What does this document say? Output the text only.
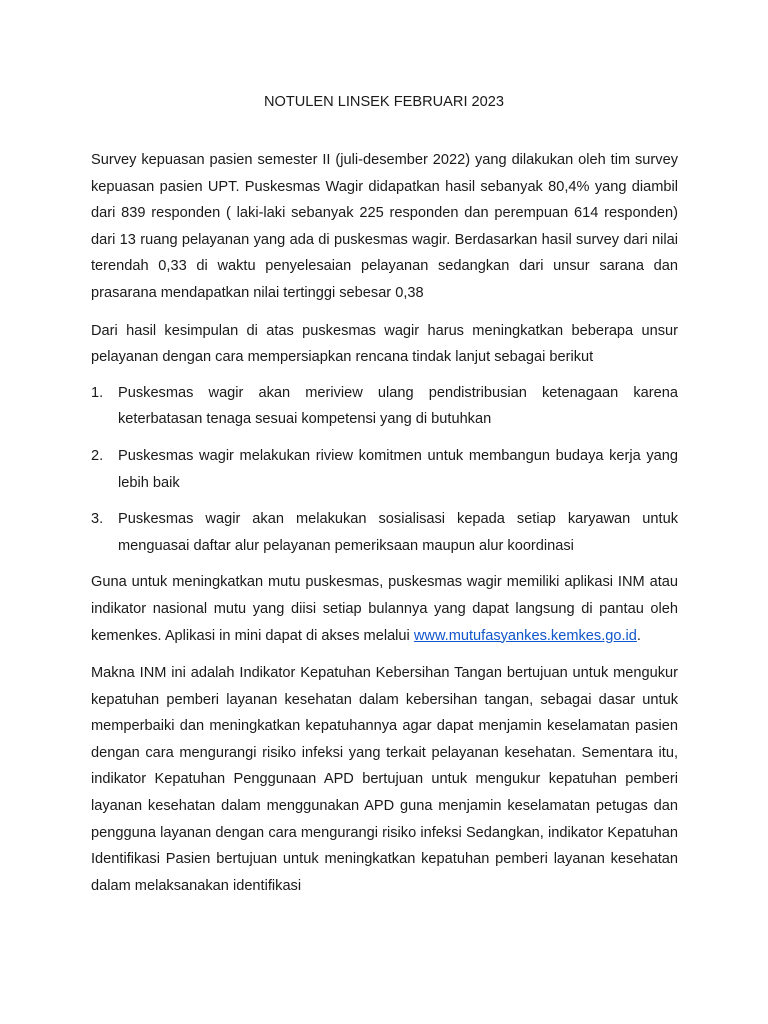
NOTULEN LINSEK FEBRUARI 2023

Survey kepuasan pasien semester II (juli-desember 2022) yang dilakukan oleh tim survey kepuasan pasien UPT. Puskesmas Wagir didapatkan hasil sebanyak 80,4% yang diambil dari 839 responden ( laki-laki sebanyak 225 responden dan perempuan 614 responden) dari 13 ruang pelayanan yang ada di puskesmas wagir. Berdasarkan hasil survey dari nilai terendah 0,33 di waktu penyelesaian pelayanan sedangkan dari unsur sarana dan prasarana mendapatkan nilai tertinggi sebesar 0,38

Dari hasil kesimpulan di atas puskesmas wagir harus meningkatkan beberapa unsur pelayanan dengan cara mempersiapkan rencana tindak lanjut sebagai berikut

1.	Puskesmas wagir akan meriview ulang pendistribusian ketenagaan karena keterbatasan tenaga sesuai kompetensi yang di butuhkan
2.	Puskesmas wagir melakukan riview komitmen untuk membangun budaya kerja yang lebih baik
3.	Puskesmas wagir akan melakukan sosialisasi kepada setiap karyawan untuk menguasai daftar alur pelayanan pemeriksaan maupun alur koordinasi

Guna untuk meningkatkan mutu puskesmas, puskesmas wagir memiliki aplikasi INM atau indikator nasional mutu yang diisi setiap bulannya yang dapat langsung di pantau oleh kemenkes. Aplikasi in mini dapat di akses melalui www.mutufasyankes.kemkes.go.id.

Makna INM ini adalah Indikator Kepatuhan Kebersihan Tangan bertujuan untuk mengukur kepatuhan pemberi layanan kesehatan dalam kebersihan tangan, sebagai dasar untuk memperbaiki dan meningkatkan kepatuhannya agar dapat menjamin keselamatan pasien dengan cara mengurangi risiko infeksi yang terkait pelayanan kesehatan. Sementara itu, indikator Kepatuhan Penggunaan APD bertujuan untuk mengukur kepatuhan pemberi layanan kesehatan dalam menggunakan APD guna menjamin keselamatan petugas dan pengguna layanan dengan cara mengurangi risiko infeksi Sedangkan, indikator Kepatuhan Identifikasi Pasien bertujuan untuk meningkatkan kepatuhan pemberi layanan kesehatan dalam melaksanakan identifikasi
